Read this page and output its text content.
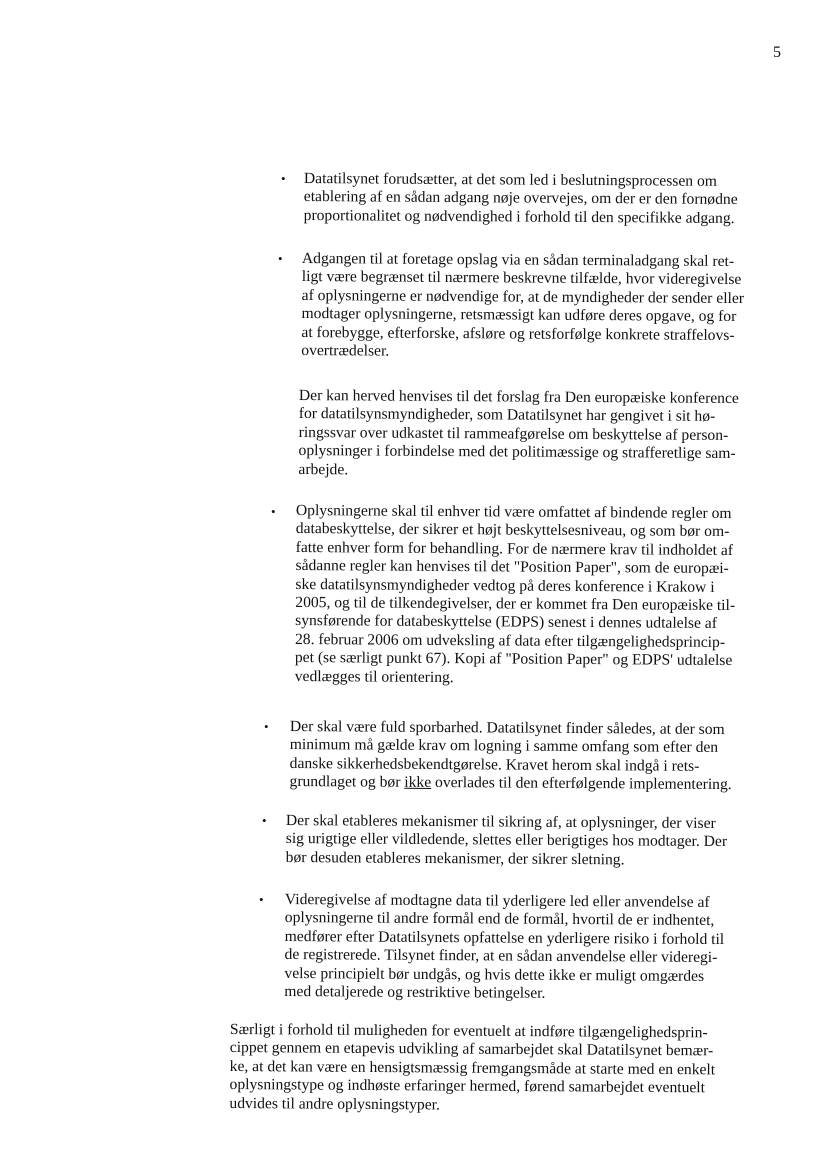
5
• Datatilsynet forudsætter, at det som led i beslutningsprocessen om
etablering af en sådan adgang nøje overvejes, om der er den fornødne
proportionalitet og nødvendighed i forhold til den specifikke adgang.
• Adgangen til at foretage opslag via en sådan terminaladgang skal ret-
ligt være begrænset til nærmere beskrevne tilfælde, hvor videregivelse
af oplysningerne er nødvendige for, at de myndigheder der sender eller
modtager oplysningerne, retsmæssigt kan udføre deres opgave, og for
at forebygge, efterforske, afsløre og retsforfølge konkrete straffelovs-
overtrædelser.
Der kan herved henvises til det forslag fra Den europæiske konference
for datatilsynsmyndigheder, som Datatilsynet har gengivet i sit hø-
ringssvar over udkastet til rammeafgørelse om beskyttelse af person-
oplysninger i forbindelse med det politimæssige og strafferetlige sam-
arbejde.
• Oplysningerne skal til enhver tid være omfattet af bindende regler om
databeskyttelse, der sikrer et højt beskyttelsesniveau, og som bør om-
fatte enhver form for behandling. For de nærmere krav til indholdet af
sådanne regler kan henvises til det "Position Paper", som de europæi-
ske datatilsynsmyndigheder vedtog på deres konference i Krakow i
2005, og til de tilkendegivelser, der er kommet fra Den europæiske til-
synsførende for databeskyttelse (EDPS) senest i dennes udtalelse af
28. februar 2006 om udveksling af data efter tilgængelighedsprincip-
pet (se særligt punkt 67). Kopi af "Position Paper" og EDPS' udtalelse
vedlægges til orientering.
• Der skal være fuld sporbarhed. Datatilsynet finder således, at der som
minimum må gælde krav om logning i samme omfang som efter den
danske sikkerhedsbekendtgørelse. Kravet herom skal indgå i rets-
grundlaget og bør ikke overlades til den efterfølgende implementering.
• Der skal etableres mekanismer til sikring af, at oplysninger, der viser
sig urigtige eller vildledende, slettes eller berigtiges hos modtager. Der
bør desuden etableres mekanismer, der sikrer sletning.
• Videregivelse af modtagne data til yderligere led eller anvendelse af
oplysningerne til andre formål end de formål, hvortil de er indhentet,
medfører efter Datatilsynets opfattelse en yderligere risiko i forhold til
de registrerede. Tilsynet finder, at en sådan anvendelse eller videregi-
velse principielt bør undgås, og hvis dette ikke er muligt omgærdes
med detaljerede og restriktive betingelser.
Særligt i forhold til muligheden for eventuelt at indføre tilgængelighedsprin-
cippet gennem en etapevis udvikling af samarbejdet skal Datatilsynet bemær-
ke, at det kan være en hensigtsmæssig fremgangsmåde at starte med en enkelt
oplysningstype og indhøste erfaringer hermed, førend samarbejdet eventuelt
udvides til andre oplysningstyper.
